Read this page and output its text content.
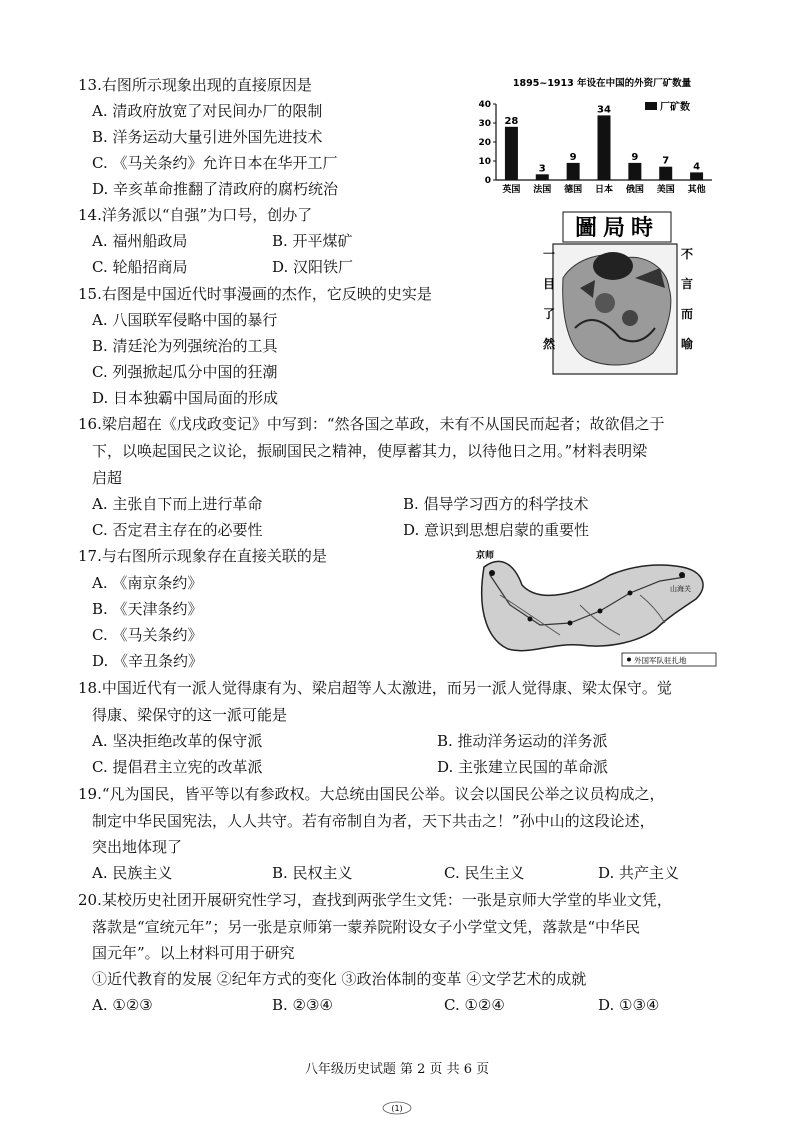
13.右图所示现象出现的直接原因是
A. 清政府放宽了对民间办厂的限制
B. 洋务运动大量引进外国先进技术
C. 《马关条约》允许日本在华开工厂
D. 辛亥革命推翻了清政府的腐朽统治
1895~1913 年设在中国的外资厂矿数量
0
10
20
30
40
28
英国
3
法国
9
德国
34
日本
9
俄国
7
美国
4
其他
厂矿数
14.洋务派以“自强”为口号，创办了
A. 福州船政局	B. 开平煤矿
C. 轮船招商局	D. 汉阳铁厂
圖局時
一目了然
不言而喻
15.右图是中国近代时事漫画的杰作，它反映的史实是
A. 八国联军侵略中国的暴行
B. 清廷沦为列强统治的工具
C. 列强掀起瓜分中国的狂潮
D. 日本独霸中国局面的形成
16.梁启超在《戊戌政变记》中写到：“然各国之革政，未有不从国民而起者；故欲倡之于
下，以唤起国民之议论，振刷国民之精神，使厚蓄其力，以待他日之用。”材料表明梁
启超
A. 主张自下而上进行革命	B. 倡导学习西方的科学技术
C. 否定君主存在的必要性	D. 意识到思想启蒙的重要性
17.与右图所示现象存在直接关联的是
A. 《南京条约》
B. 《天津条约》
C. 《马关条约》
D. 《辛丑条约》
京师
山海关
外国军队驻扎地
18.中国近代有一派人觉得康有为、梁启超等人太激进，而另一派人觉得康、梁太保守。觉
得康、梁保守的这一派可能是
A. 坚决拒绝改革的保守派	B. 推动洋务运动的洋务派
C. 提倡君主立宪的改革派	D. 主张建立民国的革命派
19.“凡为国民，皆平等以有参政权。大总统由国民公举。议会以国民公举之议员构成之，
制定中华民国宪法，人人共守。若有帝制自为者，天下共击之！”孙中山的这段论述，
突出地体现了
A. 民族主义	B. 民权主义	C. 民生主义	D. 共产主义
20.某校历史社团开展研究性学习，查找到两张学生文凭：一张是京师大学堂的毕业文凭，
落款是“宣统元年”；另一张是京师第一蒙养院附设女子小学堂文凭，落款是“中华民
国元年”。以上材料可用于研究
①近代教育的发展 ②纪年方式的变化 ③政治体制的变革 ④文学艺术的成就
A. ①②③	B. ②③④	C. ①②④	D. ①③④
八年级历史试题 第 2 页 共 6 页
(1)
